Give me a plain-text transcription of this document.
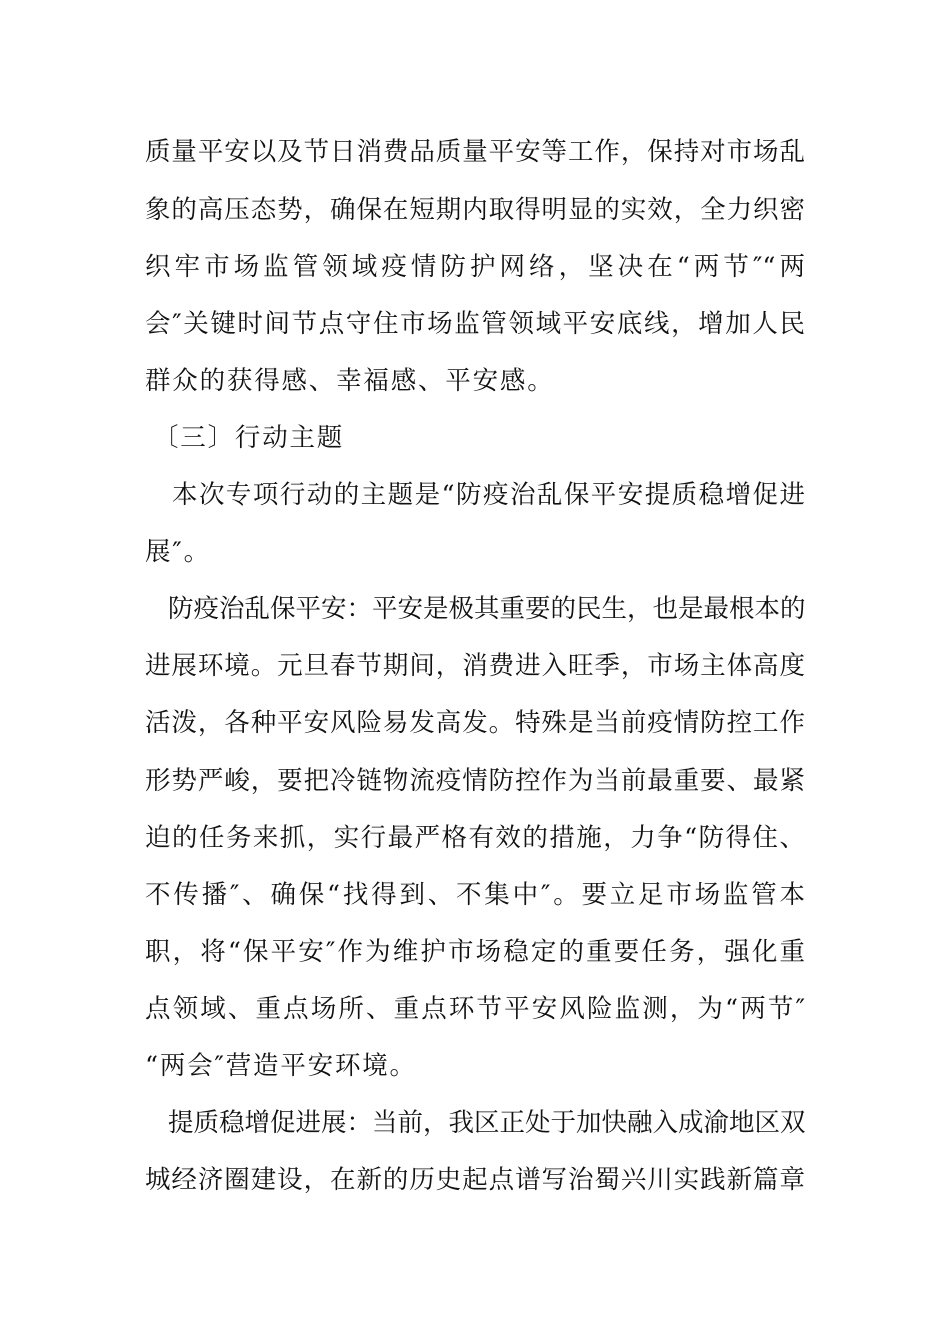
质量平安以及节日消费品质量平安等工作，保持对市场乱
象的高压态势，确保在短期内取得明显的实效，全力织密
织牢市场监管领域疫情防护网络，坚决在“两节″“两
会″关键时间节点守住市场监管领域平安底线，增加人民
群众的获得感、幸福感、平安感。
〔三〕行动主题
本次专项行动的主题是“防疫治乱保平安提质稳增促进
展″。
防疫治乱保平安：平安是极其重要的民生，也是最根本的
进展环境。元旦春节期间，消费进入旺季，市场主体高度
活泼，各种平安风险易发高发。特殊是当前疫情防控工作
形势严峻，要把冷链物流疫情防控作为当前最重要、最紧
迫的任务来抓，实行最严格有效的措施，力争“防得住、
不传播″、确保“找得到、不集中″。要立足市场监管本
职，将“保平安″作为维护市场稳定的重要任务，强化重
点领域、重点场所、重点环节平安风险监测，为“两节″
“两会″营造平安环境。
提质稳增促进展：当前，我区正处于加快融入成渝地区双
城经济圈建设，在新的历史起点谱写治蜀兴川实践新篇章
